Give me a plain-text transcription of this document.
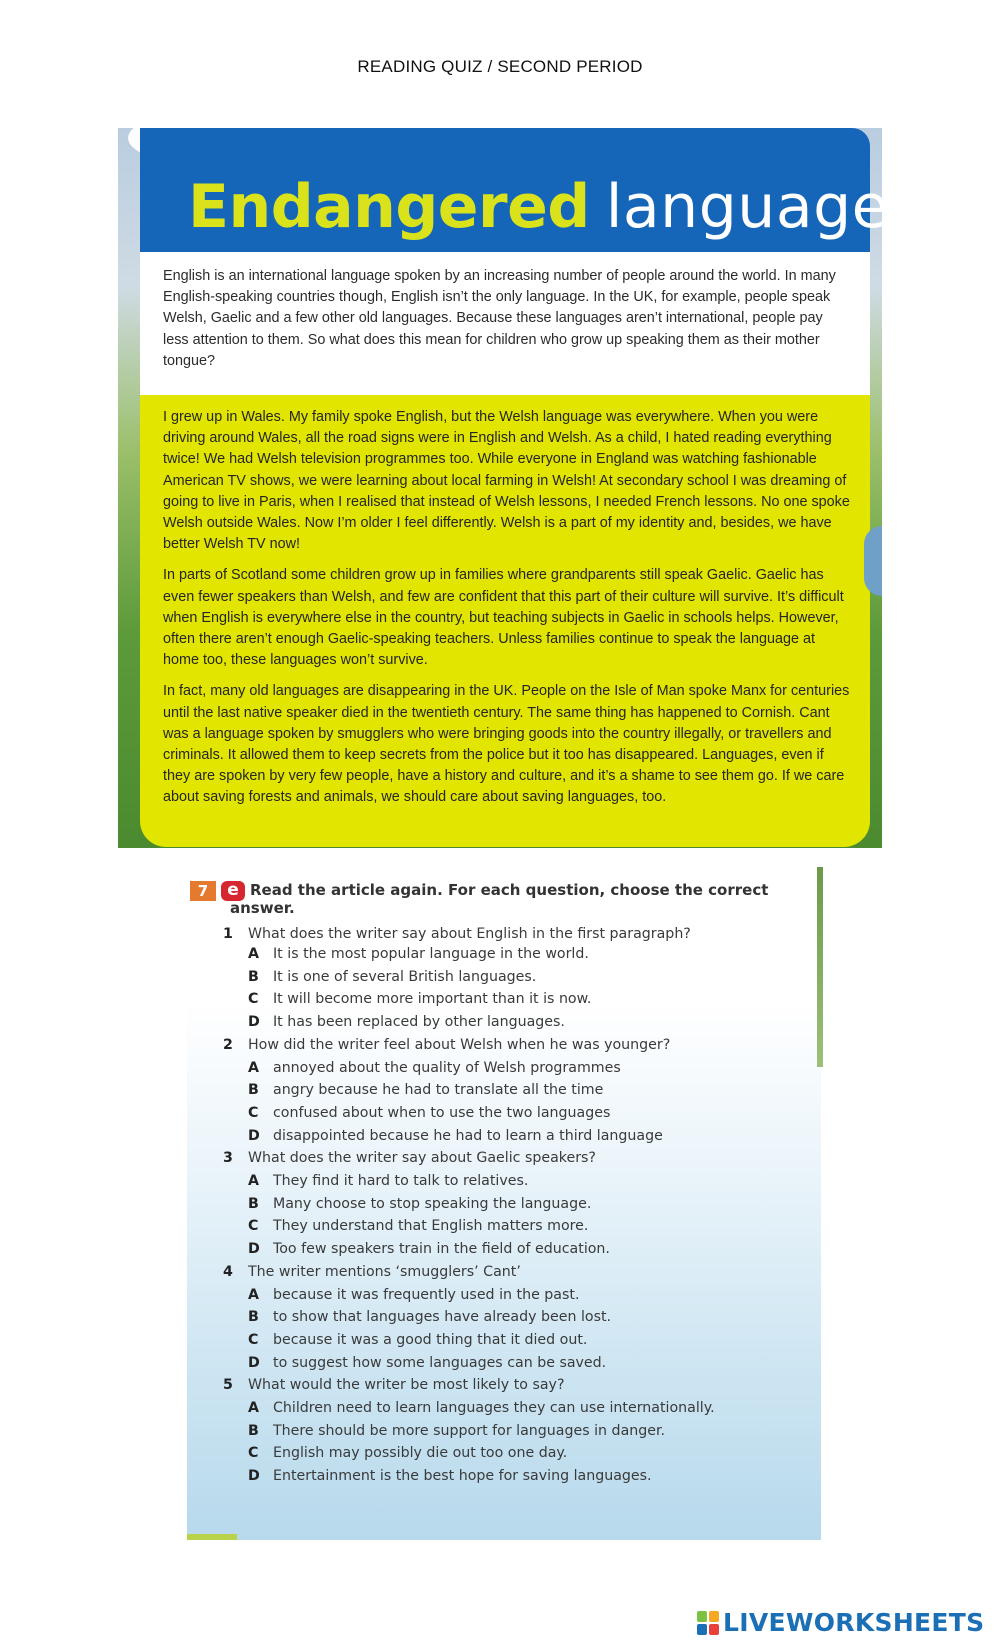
READING QUIZ / SECOND PERIOD
Endangered languages?

English is an international language spoken by an increasing number of people around the world. In many English-speaking countries though, English isn’t the only language. In the UK, for example, people speak Welsh, Gaelic and a few other old languages. Because these languages aren’t international, people pay less attention to them. So what does this mean for children who grow up speaking them as their mother tongue?

I grew up in Wales. My family spoke English, but the Welsh language was everywhere. When you were driving around Wales, all the road signs were in English and Welsh. As a child, I hated reading everything twice! We had Welsh television programmes too. While everyone in England was watching fashionable American TV shows, we were learning about local farming in Welsh! At secondary school I was dreaming of going to live in Paris, when I realised that instead of Welsh lessons, I needed French lessons. No one spoke Welsh outside Wales. Now I’m older I feel differently. Welsh is a part of my identity and, besides, we have better Welsh TV now!

In parts of Scotland some children grow up in families where grandparents still speak Gaelic. Gaelic has even fewer speakers than Welsh, and few are confident that this part of their culture will survive. It’s difficult when English is everywhere else in the country, but teaching subjects in Gaelic in schools helps. However, often there aren’t enough Gaelic-speaking teachers. Unless families continue to speak the language at home too, these languages won’t survive.

In fact, many old languages are disappearing in the UK. People on the Isle of Man spoke Manx for centuries until the last native speaker died in the twentieth century. The same thing has happened to Cornish. Cant was a language spoken by smugglers who were bringing goods into the country illegally, or travellers and criminals. It allowed them to keep secrets from the police but it too has disappeared. Languages, even if they are spoken by very few people, have a history and culture, and it’s a shame to see them go. If we care about saving forests and animals, we should care about saving languages, too.

7	e Read the article again. For each question, choose the correct answer.

1 What does the writer say about English in the first paragraph?
A It is the most popular language in the world.
B It is one of several British languages.
C It will become more important than it is now.
D It has been replaced by other languages.
2 How did the writer feel about Welsh when he was younger?
A annoyed about the quality of Welsh programmes
B angry because he had to translate all the time
C confused about when to use the two languages
D disappointed because he had to learn a third language
3 What does the writer say about Gaelic speakers?
A They find it hard to talk to relatives.
B Many choose to stop speaking the language.
C They understand that English matters more.
D Too few speakers train in the field of education.
4 The writer mentions ‘smugglers’ Cant’
A because it was frequently used in the past.
B to show that languages have already been lost.
C because it was a good thing that it died out.
D to suggest how some languages can be saved.
5 What would the writer be most likely to say?
A Children need to learn languages they can use internationally.
B There should be more support for languages in danger.
C English may possibly die out too one day.
D Entertainment is the best hope for saving languages.
LIVEWORKSHEETS
